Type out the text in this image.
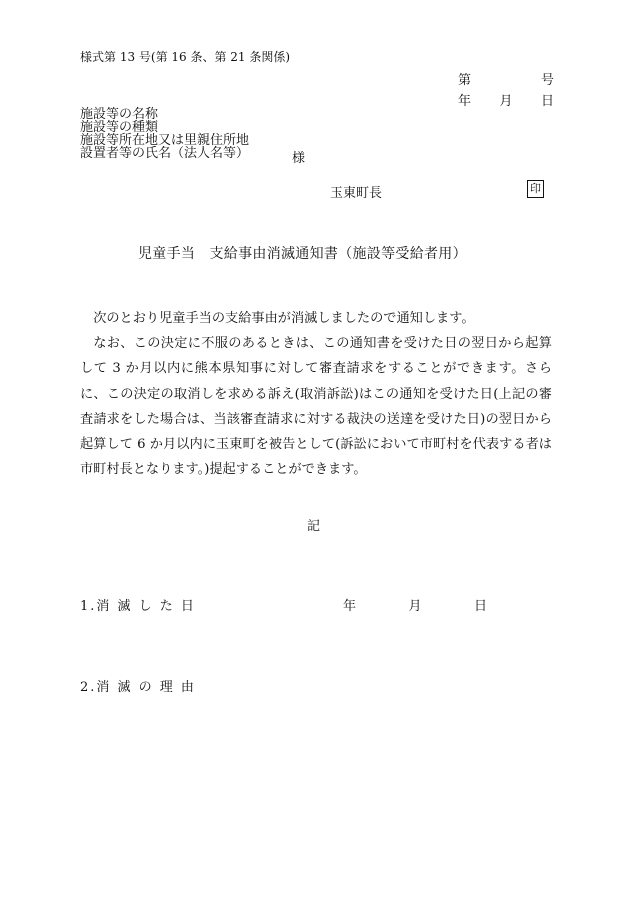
様式第 13 号(第 16 条、第 21 条関係)
第	号
年 月 日
施設等の名称
施設等の種類
施設等所在地又は里親住所地
設置者等の氏名（法人名等）	様
玉東町長	印
児童手当　支給事由消滅通知書（施設等受給者用）

次のとおり児童手当の支給事由が消滅しましたので通知します。

なお、この決定に不服のあるときは、この通知書を受けた日の翌日から起算して 3 か月以内に熊本県知事に対して審査請求をすることができます。さらに、この決定の取消しを求める訴え(取消訴訟)はこの通知を受けた日(上記の審査請求をした場合は、当該審査請求に対する裁決の送達を受けた日)の翌日から起算して 6 か月以内に玉東町を被告として(訴訟において市町村を代表する者は市町村長となります。)提起することができます。

記
1.消 滅 し た 日	年	月	日
2.消 滅 の 理 由
